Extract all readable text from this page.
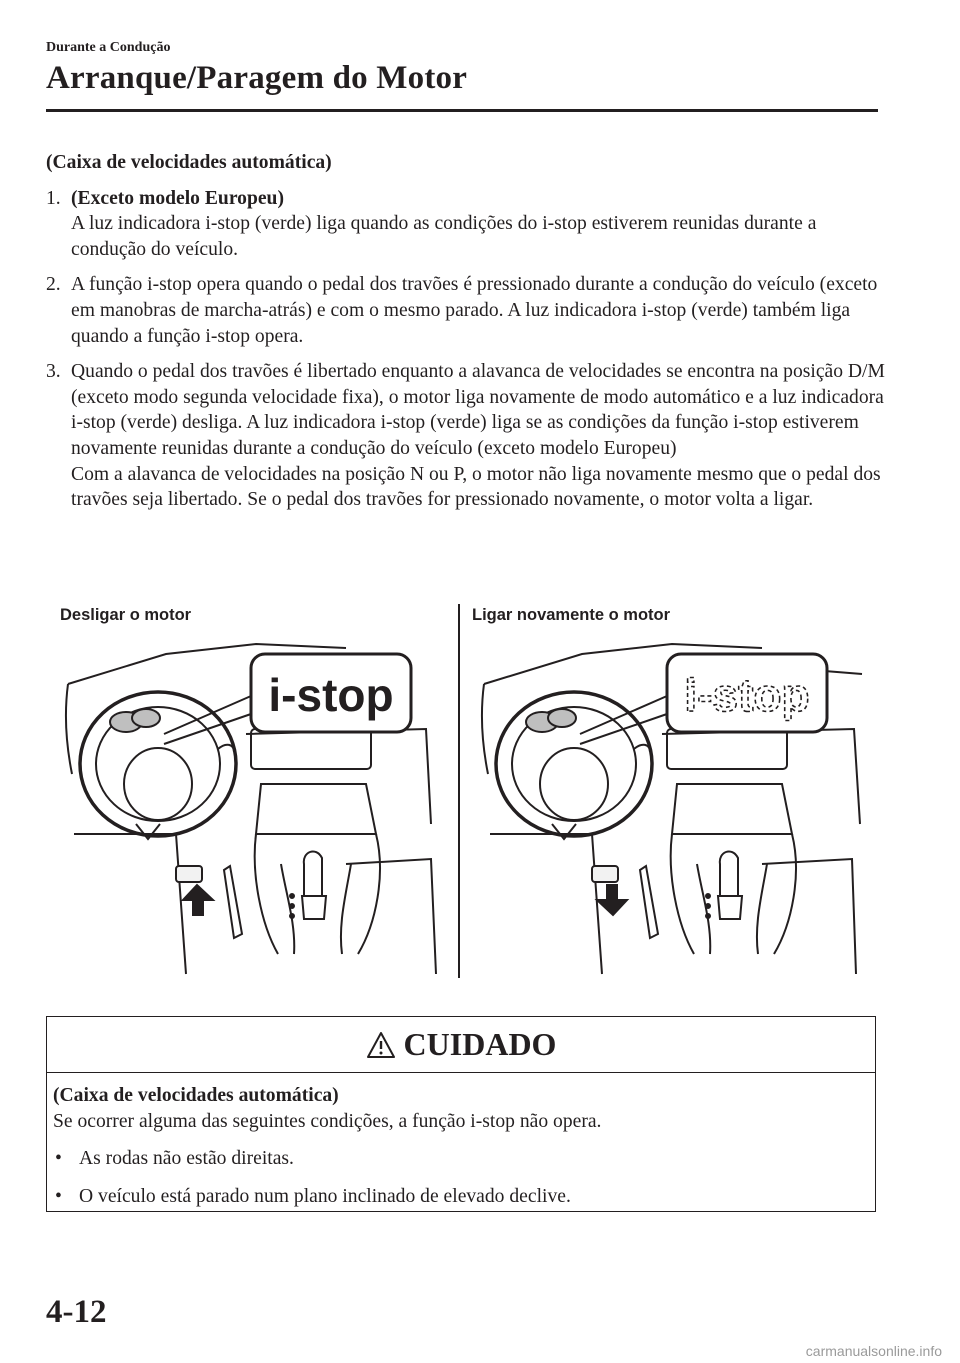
Durante a Condução
Arranque/Paragem do Motor
(Caixa de velocidades automática)
1. (Exceto modelo Europeu)
A luz indicadora i-stop (verde) liga quando as condições do i-stop estiverem reunidas durante a condução do veículo.
2. A função i-stop opera quando o pedal dos travões é pressionado durante a condução do veículo (exceto em manobras de marcha-atrás) e com o mesmo parado. A luz indicadora i-stop (verde) também liga quando a função i-stop opera.
3. Quando o pedal dos travões é libertado enquanto a alavanca de velocidades se encontra na posição D/M (exceto modo segunda velocidade fixa), o motor liga novamente de modo automático e a luz indicadora i-stop (verde) desliga. A luz indicadora i-stop (verde) liga se as condições da função i-stop estiverem novamente reunidas durante a condução do veículo (exceto modelo Europeu)
Com a alavanca de velocidades na posição N ou P, o motor não liga novamente mesmo que o pedal dos travões seja libertado. Se o pedal dos travões for pressionado novamente, o motor volta a ligar.
Desligar o motor	Ligar novamente o motor
i-stop	i-stop
CUIDADO
(Caixa de velocidades automática)
Se ocorrer alguma das seguintes condições, a função i-stop não opera.
• As rodas não estão direitas.
• O veículo está parado num plano inclinado de elevado declive.
4-12
carmanualsonline.info
